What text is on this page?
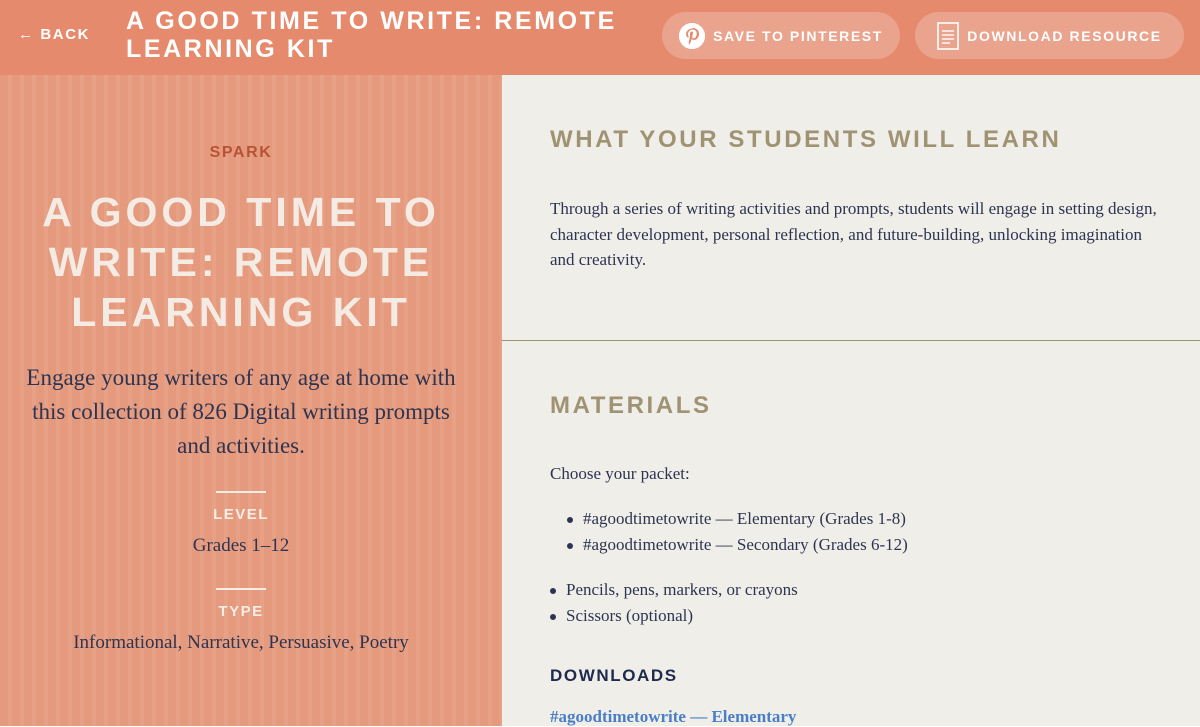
← BACK A GOOD TIME TO WRITE: REMOTE LEARNING KIT	SAVE TO PINTEREST	DOWNLOAD RESOURCE
SPARK
A GOOD TIME TO WRITE: REMOTE LEARNING KIT
Engage young writers of any age at home with this collection of 826 Digital writing prompts and activities.
LEVEL
Grades 1–12
TYPE
Informational, Narrative, Persuasive, Poetry
WHAT YOUR STUDENTS WILL LEARN
Through a series of writing activities and prompts, students will engage in setting design, character development, personal reflection, and future-building, unlocking imagination and creativity.
MATERIALS
Choose your packet:
#agoodtimetowrite — Elementary (Grades 1-8)
#agoodtimetowrite — Secondary (Grades 6-12)
Pencils, pens, markers, or crayons
Scissors (optional)
DOWNLOADS
#agoodtimetowrite — Elementary
